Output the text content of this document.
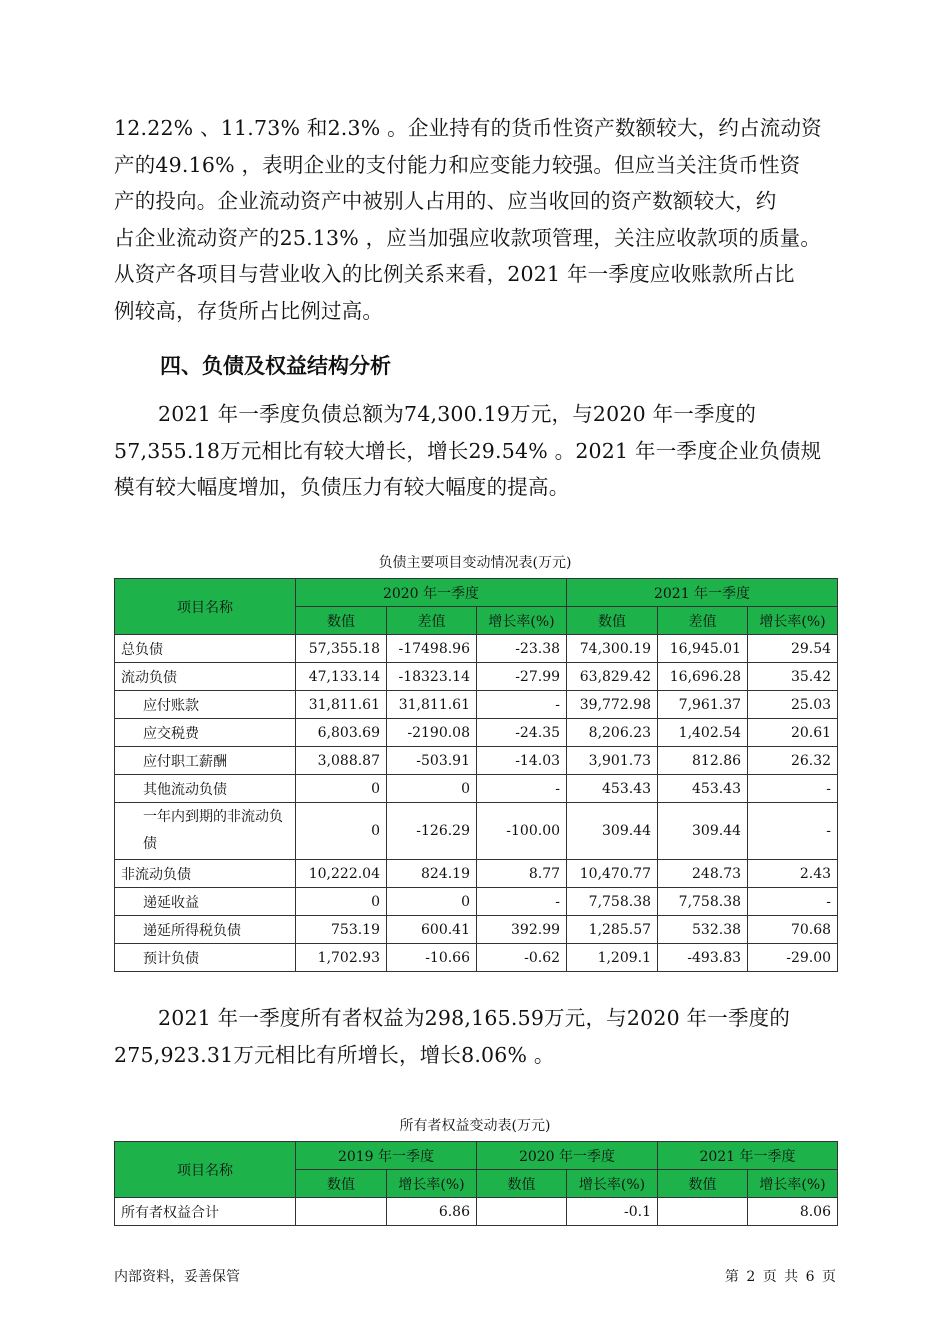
12.22% 、11.73% 和2.3% 。企业持有的货币性资产数额较大，约占流动资
产的49.16% ，表明企业的支付能力和应变能力较强。但应当关注货币性资
产的投向。企业流动资产中被别人占用的、应当收回的资产数额较大，约
占企业流动资产的25.13% ，应当加强应收款项管理，关注应收款项的质量。
从资产各项目与营业收入的比例关系来看，2021 年一季度应收账款所占比
例较高，存货所占比例过高。
四、负债及权益结构分析
2021 年一季度负债总额为74,300.19万元，与2020 年一季度的
57,355.18万元相比有较大增长，增长29.54% 。2021 年一季度企业负债规
模有较大幅度增加，负债压力有较大幅度的提高。
负债主要项目变动情况表(万元)
项目名称	2020 年一季度			2021 年一季度		
	数值	差值	增长率(%)	数值	差值	增长率(%)
总负债	57,355.18	-17498.96	-23.38	74,300.19	16,945.01	29.54
流动负债	47,133.14	-18323.14	-27.99	63,829.42	16,696.28	35.42
应付账款	31,811.61	31,811.61	-	39,772.98	7,961.37	25.03
应交税费	6,803.69	-2190.08	-24.35	8,206.23	1,402.54	20.61
应付职工薪酬	3,088.87	-503.91	-14.03	3,901.73	812.86	26.32
其他流动负债	0	0	-	453.43	453.43	-
一年内到期的非流动负债	0	-126.29	-100.00	309.44	309.44	-
非流动负债	10,222.04	824.19	8.77	10,470.77	248.73	2.43
递延收益	0	0	-	7,758.38	7,758.38	-
递延所得税负债	753.19	600.41	392.99	1,285.57	532.38	70.68
预计负债	1,702.93	-10.66	-0.62	1,209.1	-493.83	-29.00
2021 年一季度所有者权益为298,165.59万元，与2020 年一季度的
275,923.31万元相比有所增长，增长8.06% 。
所有者权益变动表(万元)
项目名称	2019 年一季度		2020 年一季度		2021 年一季度	
	数值	增长率(%)	数值	增长率(%)	数值	增长率(%)
所有者权益合计		6.86		-0.1		8.06
内部资料，妥善保管	第 2 页 共 6 页
